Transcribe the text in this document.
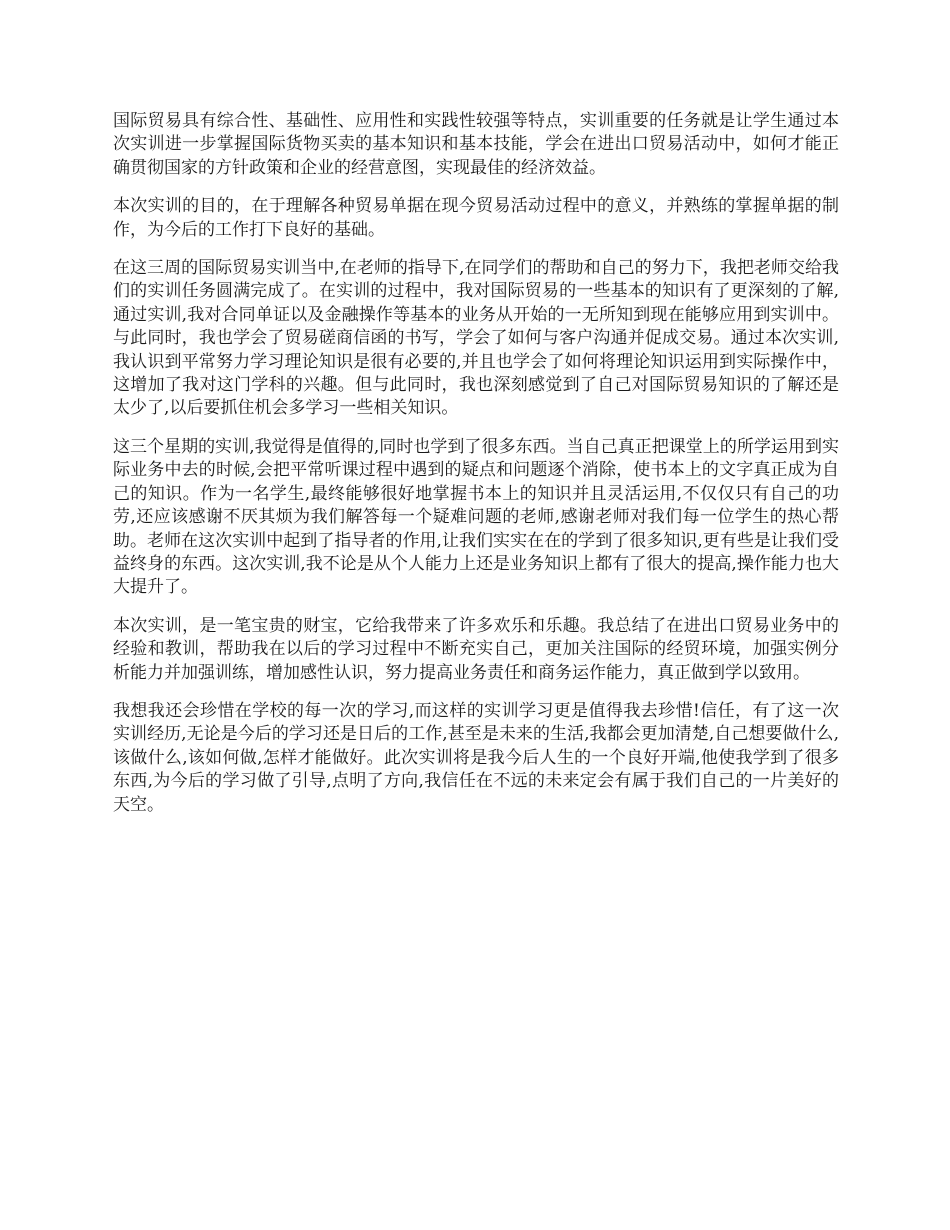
国际贸易具有综合性、基础性、应用性和实践性较强等特点，实训重要的任务就是让学生通过本次实训进一步掌握国际货物买卖的基本知识和基本技能，学会在进出口贸易活动中，如何才能正确贯彻国家的方针政策和企业的经营意图，实现最佳的经济效益。

本次实训的目的，在于理解各种贸易单据在现今贸易活动过程中的意义，并熟练的掌握单据的制作，为今后的工作打下良好的基础。

在这三周的国际贸易实训当中,在老师的指导下,在同学们的帮助和自己的努力下，我把老师交给我们的实训任务圆满完成了。在实训的过程中，我对国际贸易的一些基本的知识有了更深刻的了解,通过实训,我对合同单证以及金融操作等基本的业务从开始的一无所知到现在能够应用到实训中。与此同时，我也学会了贸易磋商信函的书写，学会了如何与客户沟通并促成交易。通过本次实训,我认识到平常努力学习理论知识是很有必要的,并且也学会了如何将理论知识运用到实际操作中，这增加了我对这门学科的兴趣。但与此同时，我也深刻感觉到了自己对国际贸易知识的了解还是太少了,以后要抓住机会多学习一些相关知识。

这三个星期的实训,我觉得是值得的,同时也学到了很多东西。当自己真正把课堂上的所学运用到实际业务中去的时候,会把平常听课过程中遇到的疑点和问题逐个消除，使书本上的文字真正成为自己的知识。作为一名学生,最终能够很好地掌握书本上的知识并且灵活运用,不仅仅只有自己的功劳,还应该感谢不厌其烦为我们解答每一个疑难问题的老师,感谢老师对我们每一位学生的热心帮助。老师在这次实训中起到了指导者的作用,让我们实实在在的学到了很多知识,更有些是让我们受益终身的东西。这次实训,我不论是从个人能力上还是业务知识上都有了很大的提高,操作能力也大大提升了。

本次实训，是一笔宝贵的财宝，它给我带来了许多欢乐和乐趣。我总结了在进出口贸易业务中的经验和教训，帮助我在以后的学习过程中不断充实自己，更加关注国际的经贸环境，加强实例分析能力并加强训练，增加感性认识，努力提高业务责任和商务运作能力，真正做到学以致用。

我想我还会珍惜在学校的每一次的学习,而这样的实训学习更是值得我去珍惜!信任，有了这一次实训经历,无论是今后的学习还是日后的工作,甚至是未来的生活,我都会更加清楚,自己想要做什么,该做什么,该如何做,怎样才能做好。此次实训将是我今后人生的一个良好开端,他使我学到了很多东西,为今后的学习做了引导,点明了方向,我信任在不远的未来定会有属于我们自己的一片美好的天空。
